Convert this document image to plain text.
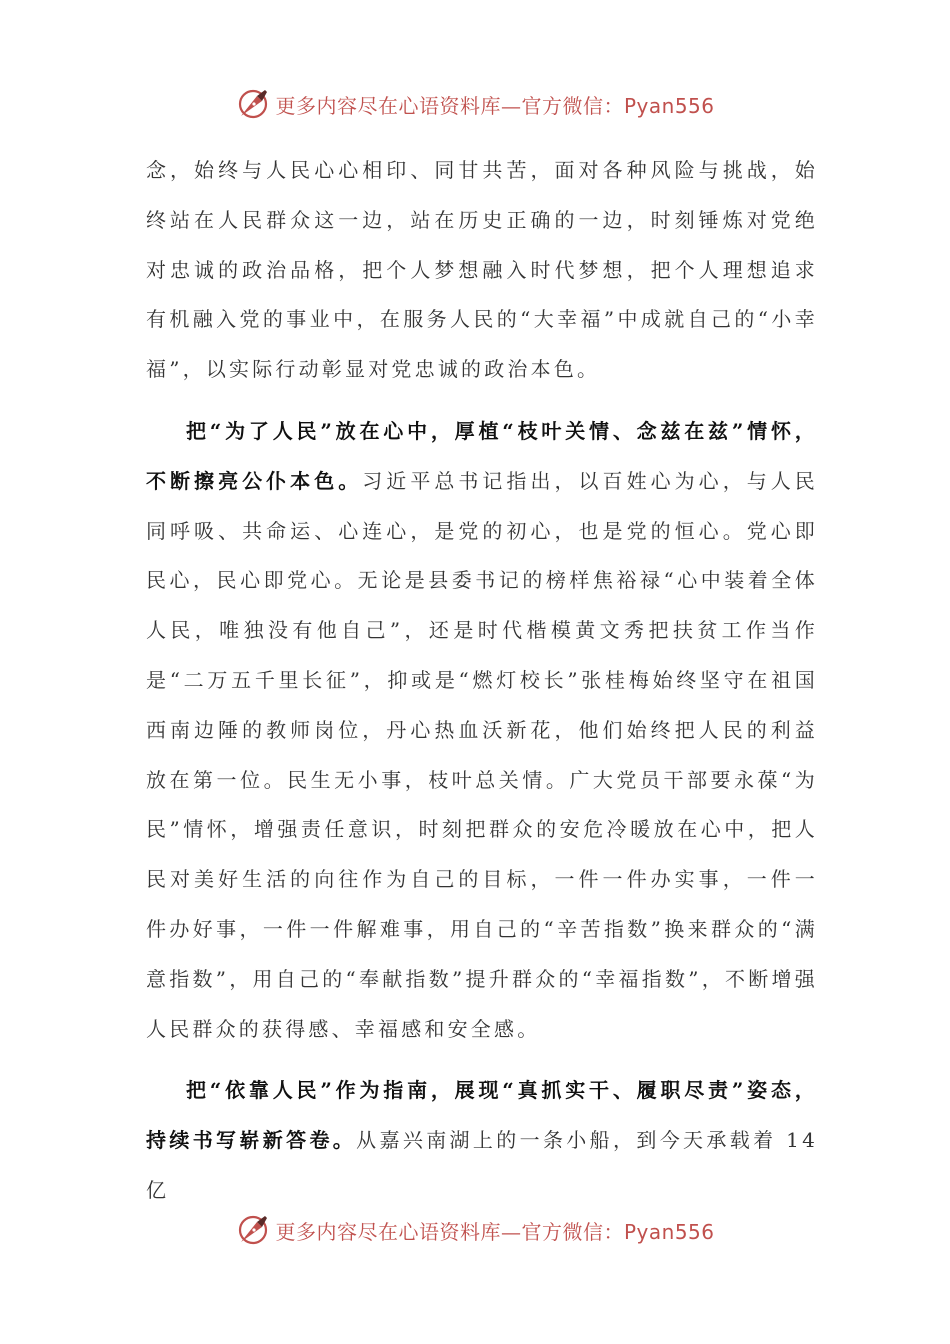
更多内容尽在心语资料库—官方微信：Pyan556

念，始终与人民心心相印、同甘共苦，面对各种风险与挑战，始终站在人民群众这一边，站在历史正确的一边，时刻锤炼对党绝对忠诚的政治品格，把个人梦想融入时代梦想，把个人理想追求有机融入党的事业中，在服务人民的“大幸福”中成就自己的“小幸福”，以实际行动彰显对党忠诚的政治本色。

把“为了人民”放在心中，厚植“枝叶关情、念兹在兹”情怀，不断擦亮公仆本色。习近平总书记指出，以百姓心为心，与人民同呼吸、共命运、心连心，是党的初心，也是党的恒心。党心即民心，民心即党心。无论是县委书记的榜样焦裕禄“心中装着全体人民，唯独没有他自己”，还是时代楷模黄文秀把扶贫工作当作是“二万五千里长征”，抑或是“燃灯校长”张桂梅始终坚守在祖国西南边陲的教师岗位，丹心热血沃新花，他们始终把人民的利益放在第一位。民生无小事，枝叶总关情。广大党员干部要永葆“为民”情怀，增强责任意识，时刻把群众的安危冷暖放在心中，把人民对美好生活的向往作为自己的目标，一件一件办实事，一件一件办好事，一件一件解难事，用自己的“辛苦指数”换来群众的“满意指数”，用自己的“奉献指数”提升群众的“幸福指数”，不断增强人民群众的获得感、幸福感和安全感。

把“依靠人民”作为指南，展现“真抓实干、履职尽责”姿态，持续书写崭新答卷。从嘉兴南湖上的一条小船，到今天承载着 14 亿

更多内容尽在心语资料库—官方微信：Pyan556
